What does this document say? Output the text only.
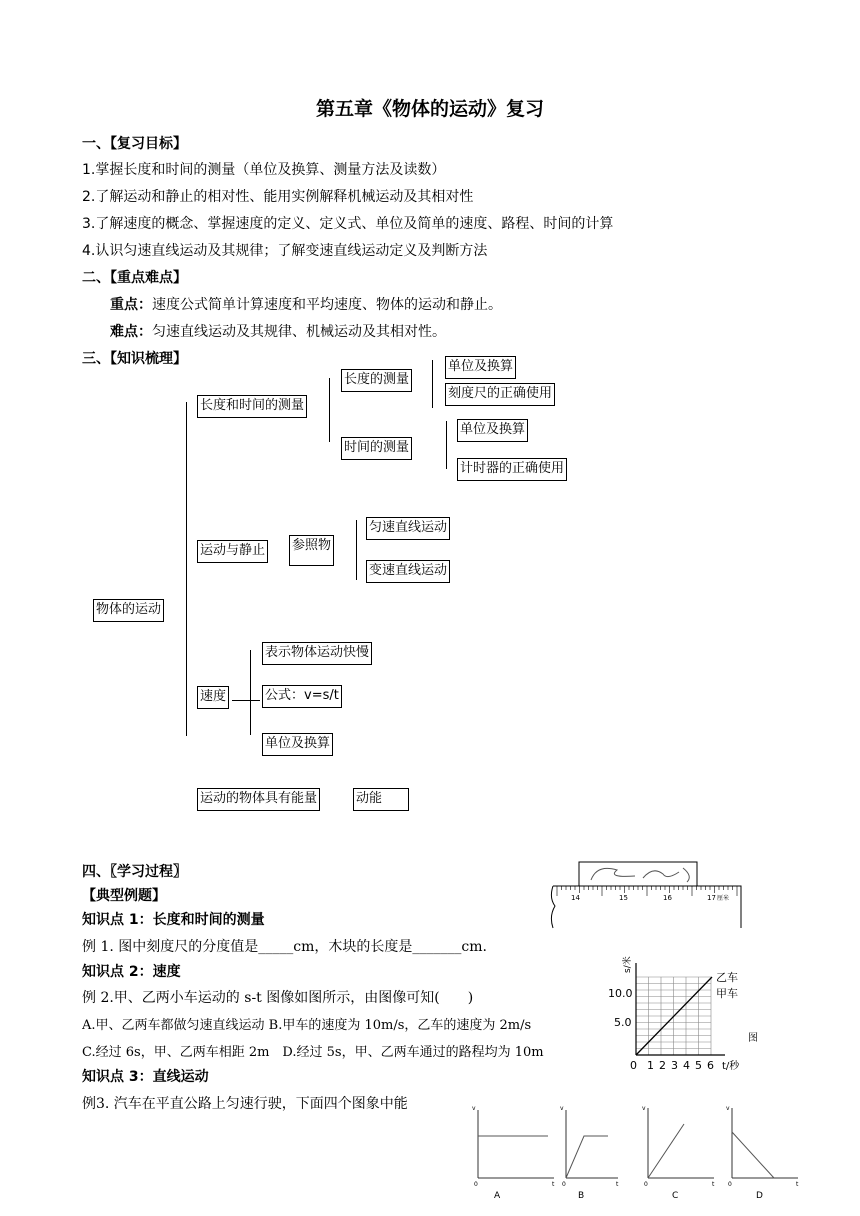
第五章《物体的运动》复习
一、【复习目标】
1.掌握长度和时间的测量（单位及换算、测量方法及读数）
2.了解运动和静止的相对性、能用实例解释机械运动及其相对性
3.了解速度的概念、掌握速度的定义、定义式、单位及简单的速度、路程、时间的计算
4.认识匀速直线运动及其规律；了解变速直线运动定义及判断方法
二、【重点难点】
重点：速度公式简单计算速度和平均速度、物体的运动和静止。
难点：匀速直线运动及其规律、机械运动及其相对性。
三、【知识梳理】
物体的运动
长度和时间的测量
长度的测量
单位及换算
刻度尺的正确使用
时间的测量
单位及换算
计时器的正确使用
运动与静止 参照物
匀速直线运动
变速直线运动
速度
表示物体运动快慢
公式：v=s/t
单位及换算
运动的物体具有能量	动能
四、〖学习过程〗
【典型例题】
知识点 1：长度和时间的测量
例 1. 图中刻度尺的分度值是_____cm，木块的长度是_______cm.
知识点 2：速度
例 2.甲、乙两小车运动的 s-t 图像如图所示，由图像可知(　　)
A.甲、乙两车都做匀速直线运动 B.甲车的速度为 10m/s，乙车的速度为 2m/s
C.经过 6s，甲、乙两车相距 2m　D.经过 5s，甲、乙两车通过的路程均为 10m
知识点 3：直线运动
例3. 汽车在平直公路上匀速行驶，下面四个图象中能
14	15	16	17 厘米
s/米
10.0
5.0
0 1 2 3 4 5 6 t/秒
乙车
甲车
图
v
0	t
A
v
0	t
B
v
0	t
C
v
0	t
D
